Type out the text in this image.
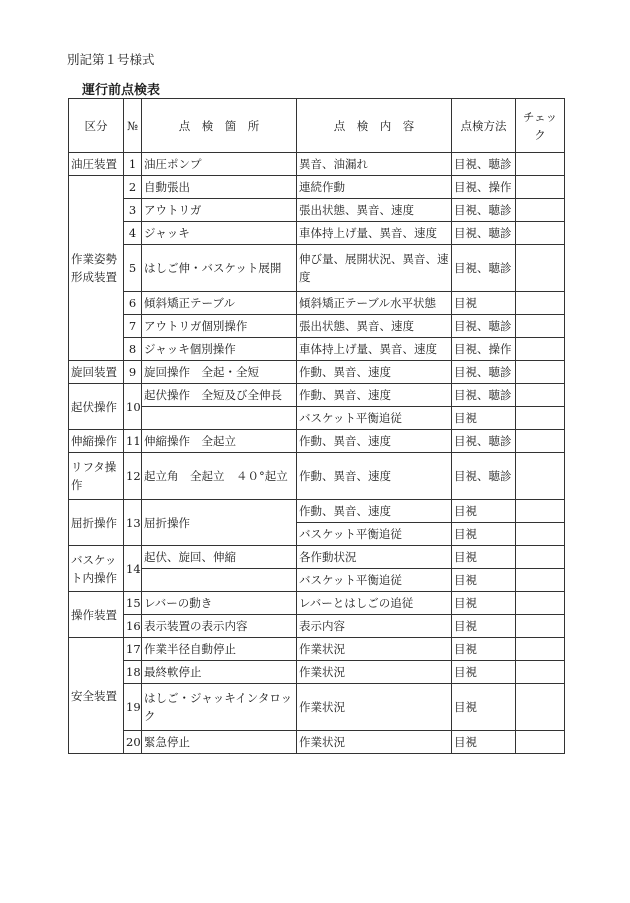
別記第１号様式
運行前点検表
区分	№	点　検　箇　所	点　検　内　容	点検方法	チェック
油圧装置	1	油圧ポンプ	異音、油漏れ	目視、聴診	
作業姿勢形成装置	2	自動張出	連続作動	目視、操作	
	3	アウトリガ	張出状態、異音、速度	目視、聴診	
	4	ジャッキ	車体持上げ量、異音、速度	目視、聴診	
	5	はしご伸・バスケット展開	伸び量、展開状況、異音、速度	目視、聴診	
	6	傾斜矯正テーブル	傾斜矯正テーブル水平状態	目視	
	7	アウトリガ個別操作	張出状態、異音、速度	目視、聴診	
	8	ジャッキ個別操作	車体持上げ量、異音、速度	目視、操作	
旋回装置	9	旋回操作　全起・全短	作動、異音、速度	目視、聴診	
起伏操作	10	起伏操作　全短及び全伸長	作動、異音、速度	目視、聴診	
			バスケット平衡追従	目視	
伸縮操作	11	伸縮操作　全起立	作動、異音、速度	目視、聴診	
リフタ操作	12	起立角　全起立　４０°起立	作動、異音、速度	目視、聴診	
屈折操作	13	屈折操作	作動、異音、速度	目視	
			バスケット平衡追従	目視	
バスケット内操作	14	起伏、旋回、伸縮	各作動状況	目視	
			バスケット平衡追従	目視	
操作装置	15	レバーの動き	レバーとはしごの追従	目視	
	16	表示装置の表示内容	表示内容	目視	
安全装置	17	作業半径自動停止	作業状況	目視	
	18	最終軟停止	作業状況	目視	
	19	はしご・ジャッキインタロック	作業状況	目視	
	20	緊急停止	作業状況	目視	
